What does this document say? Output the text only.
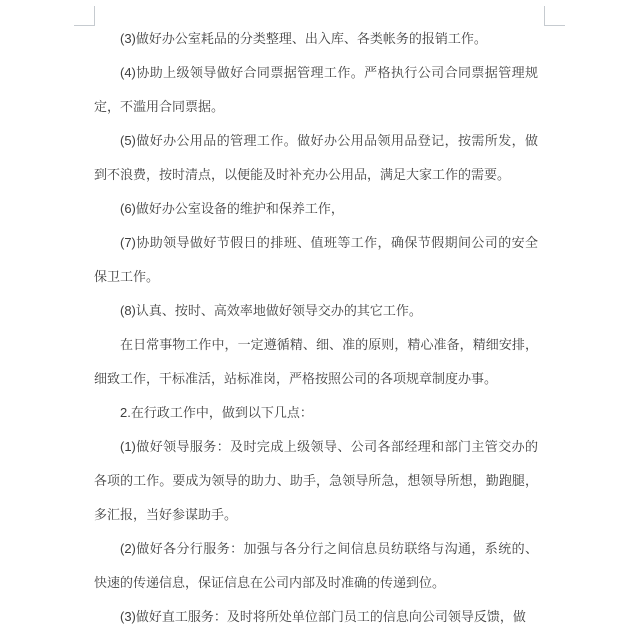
(3)做好办公室耗品的分类整理、出入库、各类帐务的报销工作。

(4)协助上级领导做好合同票据管理工作。严格执行公司合同票据管理规定，不滥用合同票据。

(5)做好办公用品的管理工作。做好办公用品领用品登记，按需所发，做到不浪费，按时清点，以便能及时补充办公用品，满足大家工作的需要。

(6)做好办公室设备的维护和保养工作，

(7)协助领导做好节假日的排班、值班等工作，确保节假期间公司的安全保卫工作。

(8)认真、按时、高效率地做好领导交办的其它工作。

在日常事物工作中，一定遵循精、细、准的原则，精心准备，精细安排，细致工作，干标准活，站标准岗，严格按照公司的各项规章制度办事。

2.在行政工作中，做到以下几点：

(1)做好领导服务：及时完成上级领导、公司各部经理和部门主管交办的各项的工作。要成为领导的助力、助手，急领导所急，想领导所想，勤跑腿，多汇报，当好参谋助手。

(2)做好各分行服务：加强与各分行之间信息员纺联络与沟通，系统的、快速的传递信息，保证信息在公司内部及时准确的传递到位。

(3)做好直工服务：及时将所处单位部门员工的信息向公司领导反馈，做
